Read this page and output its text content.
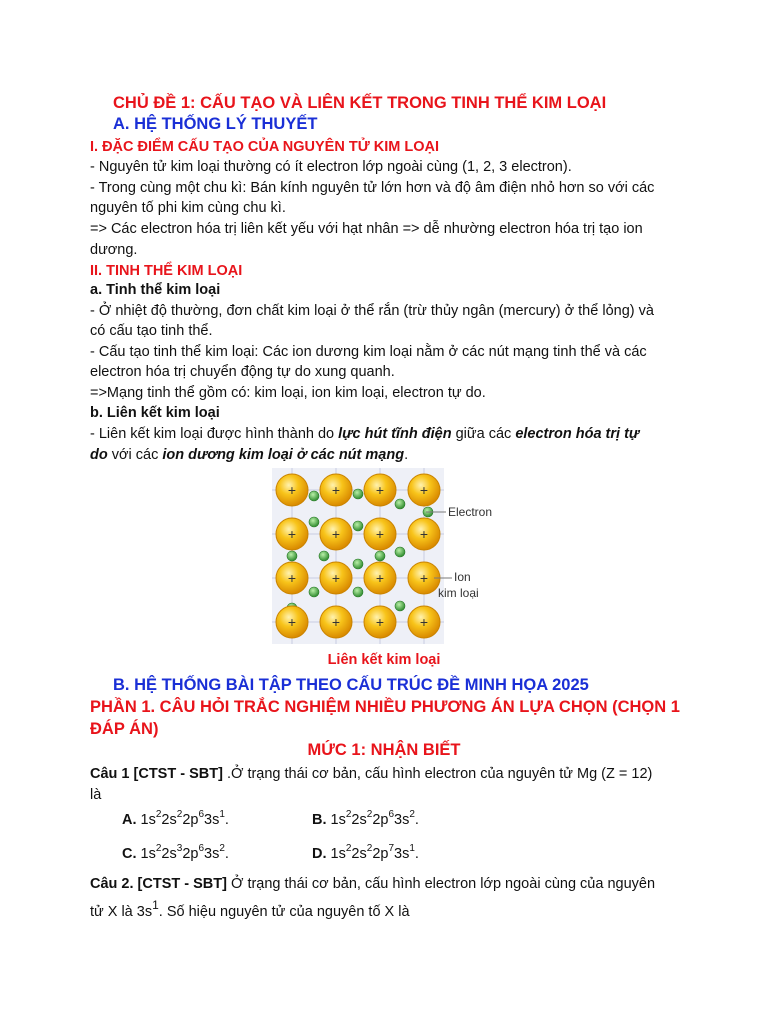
CHỦ ĐỀ 1: CẤU TẠO VÀ LIÊN KẾT TRONG TINH THỂ KIM LOẠI
A. HỆ THỐNG LÝ THUYẾT
I. ĐẶC ĐIỂM CẤU TẠO CỦA NGUYÊN TỬ KIM LOẠI
- Nguyên tử kim loại thường có ít electron lớp ngoài cùng (1, 2, 3 electron).
- Trong cùng một chu kì: Bán kính nguyên tử lớn hơn và độ âm điện nhỏ hơn so với các
nguyên tố phi kim cùng chu kì.
=> Các electron hóa trị liên kết yếu với hạt nhân => dễ nhường electron hóa trị tạo ion
dương.
II. TINH THỂ KIM LOẠI
a. Tinh thể kim loại
- Ở nhiệt độ thường, đơn chất kim loại ở thể rắn (trừ thủy ngân (mercury) ở thể lỏng) và
có cấu tạo tinh thể.
- Cấu tạo tinh thể kim loại: Các ion dương kim loại nằm ở các nút mạng tinh thể và các
electron hóa trị chuyển động tự do xung quanh.
=>Mạng tinh thể gồm có: kim loại, ion kim loại, electron tự do.
b. Liên kết kim loại
- Liên kết kim loại được hình thành do lực hút tĩnh điện giữa các electron hóa trị tự
do với các ion dương kim loại ở các nút mạng.
+	+	+	+
+	+	+	+
+	+	+	+
+	+	+	+
Electron
Ion
kim loại
Liên kết kim loại
B. HỆ THỐNG BÀI TẬP THEO CẤU TRÚC ĐỀ MINH HỌA 2025
PHẦN 1. CÂU HỎI TRẮC NGHIỆM NHIỀU PHƯƠNG ÁN LỰA CHỌN (CHỌN 1
ĐÁP ÁN)
MỨC 1: NHẬN BIẾT
Câu 1 [CTST - SBT] .Ở trạng thái cơ bản, cấu hình electron của nguyên tử Mg (Z = 12)
là
A. $1s^22s^22p^63s^1$.	B. $1s^22s^22p^63s^2$.
C. $1s^22s^32p^63s^2$.	D. $1s^22s^22p^73s^1$.
Câu 2. [CTST - SBT] Ở trạng thái cơ bản, cấu hình electron lớp ngoài cùng của nguyên
tử X là $3s^1$. Số hiệu nguyên tử của nguyên tố X là
